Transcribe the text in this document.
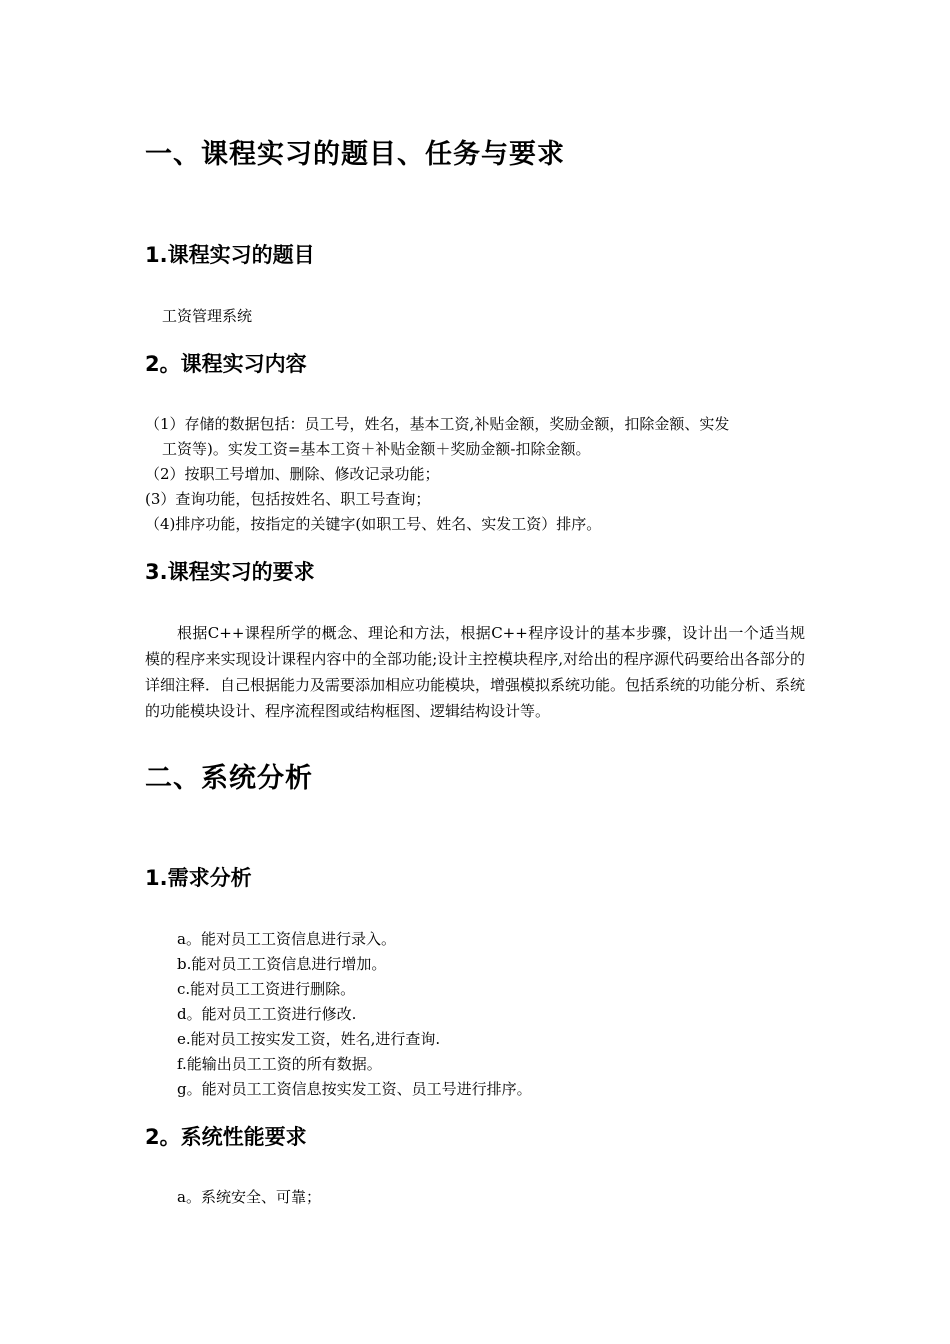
一、课程实习的题目、任务与要求
1.课程实习的题目
工资管理系统
2。课程实习内容
（1）存储的数据包括：员工号，姓名，基本工资,补贴金额，奖励金额，扣除金额、实发
工资等)。实发工资=基本工资＋补贴金额＋奖励金额-扣除金额。
（2）按职工号增加、删除、修改记录功能；
(3）查询功能，包括按姓名、职工号查询；
（4)排序功能，按指定的关键字(如职工号、姓名、实发工资）排序。
3.课程实习的要求
根据C++课程所学的概念、理论和方法，根据C++程序设计的基本步骤，设计出一个适当规模的程序来实现设计课程内容中的全部功能;设计主控模块程序,对给出的程序源代码要给出各部分的详细注释．自己根据能力及需要添加相应功能模块，增强模拟系统功能。包括系统的功能分析、系统的功能模块设计、程序流程图或结构框图、逻辑结构设计等。
二、系统分析
1.需求分析
a。能对员工工资信息进行录入。
b.能对员工工资信息进行增加。
c.能对员工工资进行删除。
d。能对员工工资进行修改.
e.能对员工按实发工资，姓名,进行查询.
f.能输出员工工资的所有数据。
g。能对员工工资信息按实发工资、员工号进行排序。
2。系统性能要求
a。系统安全、可靠；
